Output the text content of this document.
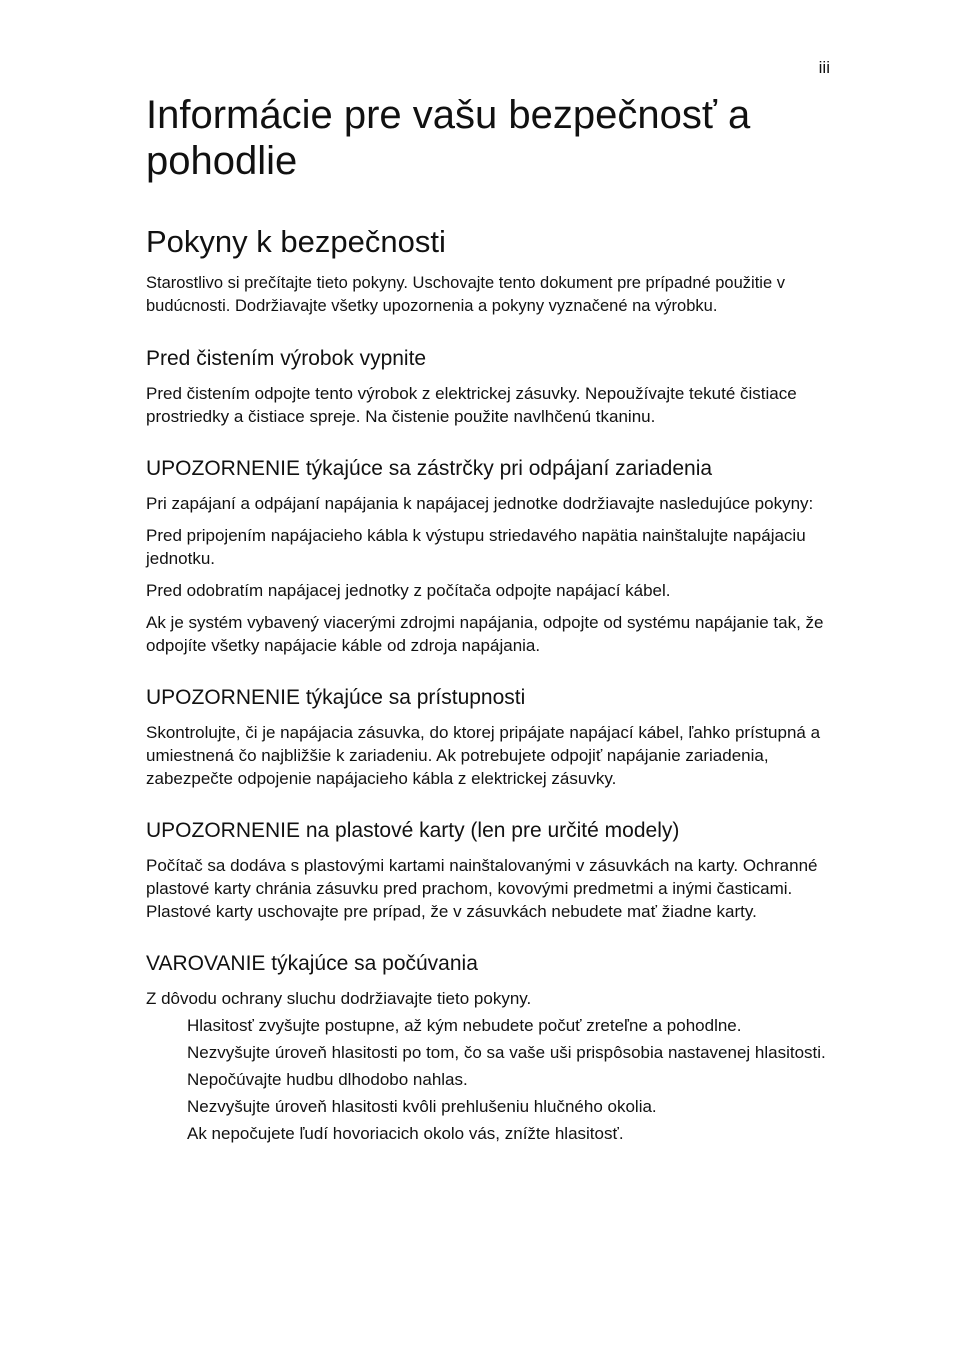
iii
Informácie pre vašu bezpečnosť a pohodlie
Pokyny k bezpečnosti

Starostlivo si prečítajte tieto pokyny. Uschovajte tento dokument pre prípadné použitie v budúcnosti. Dodržiavajte všetky upozornenia a pokyny vyznačené na výrobku.

Pred čistením výrobok vypnite

Pred čistením odpojte tento výrobok z elektrickej zásuvky. Nepoužívajte tekuté čistiace prostriedky a čistiace spreje. Na čistenie použite navlhčenú tkaninu.

UPOZORNENIE týkajúce sa zástrčky pri odpájaní zariadenia

Pri zapájaní a odpájaní napájania k napájacej jednotke dodržiavajte nasledujúce pokyny:

Pred pripojením napájacieho kábla k výstupu striedavého napätia nainštalujte napájaciu jednotku.

Pred odobratím napájacej jednotky z počítača odpojte napájací kábel.

Ak je systém vybavený viacerými zdrojmi napájania, odpojte od systému napájanie tak, že odpojíte všetky napájacie káble od zdroja napájania.

UPOZORNENIE týkajúce sa prístupnosti

Skontrolujte, či je napájacia zásuvka, do ktorej pripájate napájací kábel, ľahko prístupná a umiestnená čo najbližšie k zariadeniu. Ak potrebujete odpojiť napájanie zariadenia, zabezpečte odpojenie napájacieho kábla z elektrickej zásuvky.

UPOZORNENIE na plastové karty (len pre určité modely)

Počítač sa dodáva s plastovými kartami nainštalovanými v zásuvkách na karty. Ochranné plastové karty chránia zásuvku pred prachom, kovovými predmetmi a inými časticami. Plastové karty uschovajte pre prípad, že v zásuvkách nebudete mať žiadne karty.

VAROVANIE týkajúce sa počúvania

Z dôvodu ochrany sluchu dodržiavajte tieto pokyny.

Hlasitosť zvyšujte postupne, až kým nebudete počuť zreteľne a pohodlne.
Nezvyšujte úroveň hlasitosti po tom, čo sa vaše uši prispôsobia nastavenej hlasitosti.
Nepočúvajte hudbu dlhodobo nahlas.
Nezvyšujte úroveň hlasitosti kvôli prehlušeniu hlučného okolia.
Ak nepočujete ľudí hovoriacich okolo vás, znížte hlasitosť.
